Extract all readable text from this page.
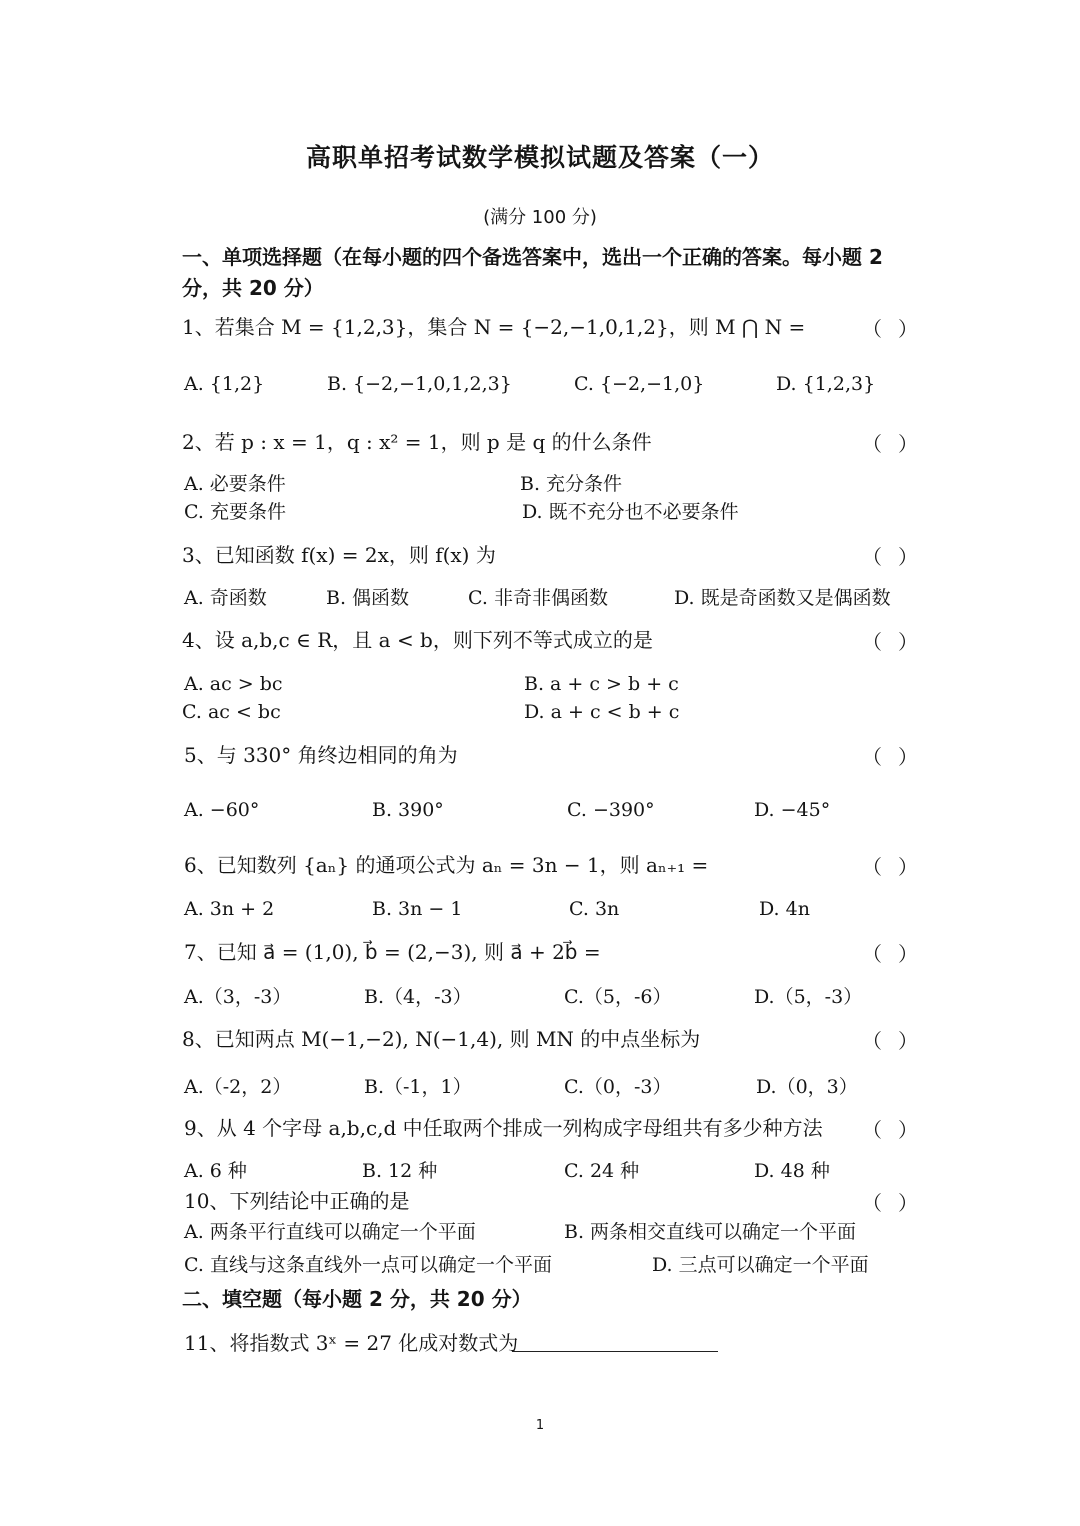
高职单招考试数学模拟试题及答案（一）
(满分 100 分)
一、单项选择题（在每小题的四个备选答案中，选出一个正确的答案。每小题 2 分，共 20 分）
1、若集合 M = {1,2,3}，集合 N = {−2,−1,0,1,2}，则 M ⋂ N =	（ ）
A. {1,2}	B. {−2,−1,0,1,2,3}	C. {−2,−1,0}	D. {1,2,3}
2、若 p : x = 1，q : x² = 1，则 p 是 q 的什么条件	（ ）
A. 必要条件	B. 充分条件
C. 充要条件	D. 既不充分也不必要条件
3、已知函数 f(x) = 2x，则 f(x) 为	（ ）
A. 奇函数	B. 偶函数	C. 非奇非偶函数	D. 既是奇函数又是偶函数
4、设 a,b,c ∈ R，且 a < b，则下列不等式成立的是	（ ）
A. ac > bc	B. a + c > b + c
C. ac < bc	D. a + c < b + c
5、与 330° 角终边相同的角为	（ ）
A. −60°	B. 390°	C. −390°	D. −45°
6、已知数列 {aₙ} 的通项公式为 aₙ = 3n − 1，则 aₙ₊₁ =	（ ）
A. 3n + 2	B. 3n − 1	C. 3n	D. 4n
7、已知 a⃗ = (1,0), b⃗ = (2,−3), 则 a⃗ + 2b⃗ =	（ ）
A.（3，-3）	B.（4，-3）	C.（5，-6）	D.（5，-3）
8、已知两点 M(−1,−2), N(−1,4), 则 MN 的中点坐标为	（ ）
A.（-2，2）	B.（-1，1）	C.（0，-3）	D.（0，3）
9、从 4 个字母 a,b,c,d 中任取两个排成一列构成字母组共有多少种方法 （ ）
A. 6 种	B. 12 种	C. 24 种	D. 48 种
10、下列结论中正确的是	（ ）
A. 两条平行直线可以确定一个平面	B. 两条相交直线可以确定一个平面
C. 直线与这条直线外一点可以确定一个平面	D. 三点可以确定一个平面
二、填空题（每小题 2 分，共 20 分）
11、将指数式 3ˣ = 27 化成对数式为
1
